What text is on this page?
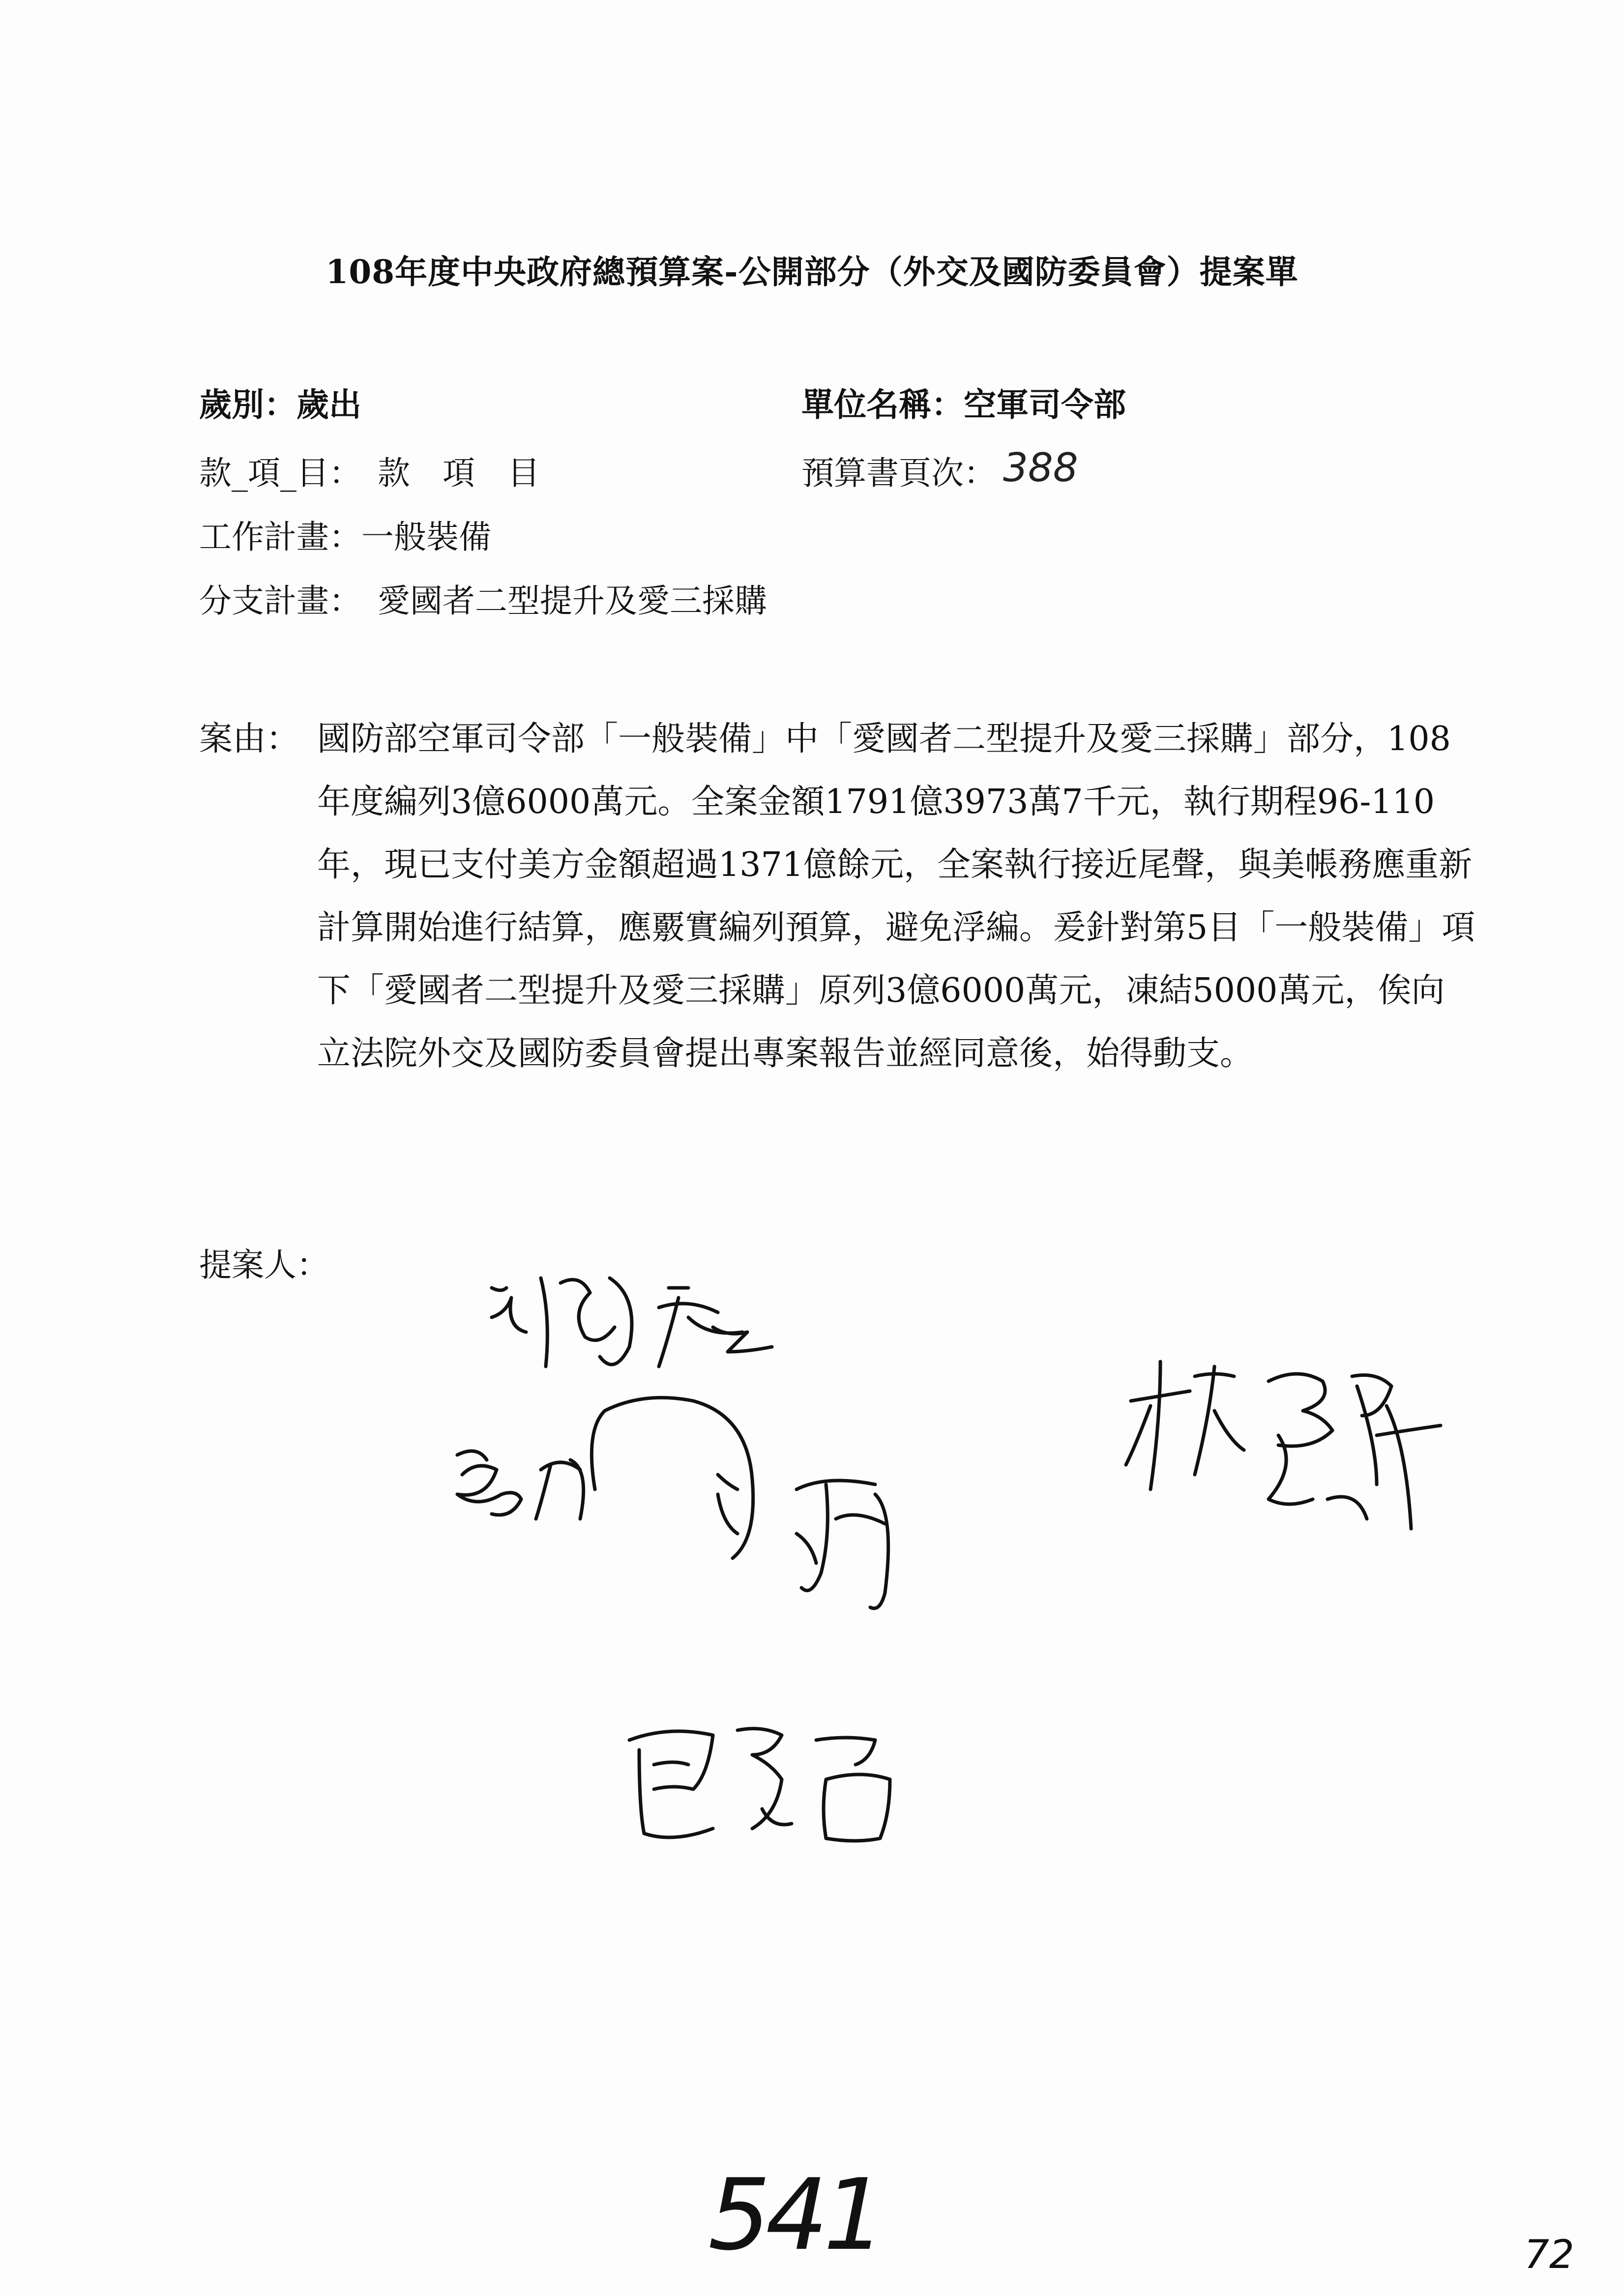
108年度中央政府總預算案-公開部分（外交及國防委員會）提案單
歲別：歲出	單位名稱：空軍司令部
款_項_目：　款　項　目	預算書頁次： 388
工作計畫：一般裝備
分支計畫：　愛國者二型提升及愛三採購
案由： 國防部空軍司令部「一般裝備」中「愛國者二型提升及愛三採購」部分，108年度編列3億6000萬元。全案金額1791億3973萬7千元，執行期程96-110年，現已支付美方金額超過1371億餘元，全案執行接近尾聲，與美帳務應重新計算開始進行結算，應覈實編列預算，避免浮編。爰針對第5目「一般裝備」項下「愛國者二型提升及愛三採購」原列3億6000萬元，凍結5000萬元，俟向立法院外交及國防委員會提出專案報告並經同意後，始得動支。
提案人：
541	72
